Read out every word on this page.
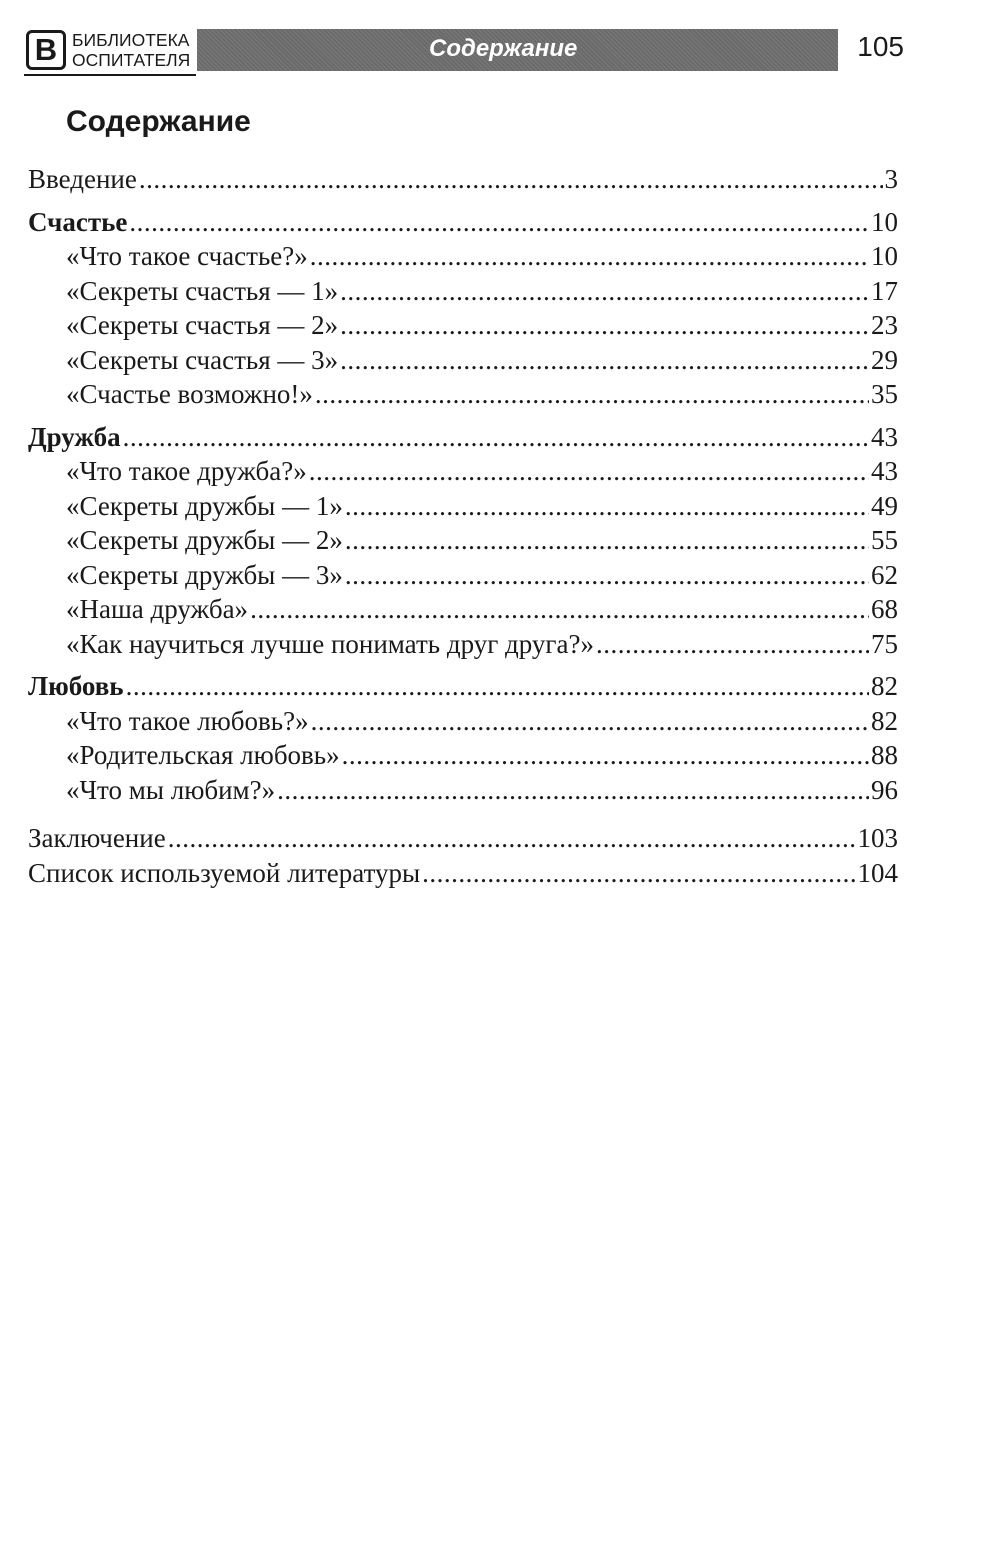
В БИБЛИОТЕКА
ОСПИТАТЕЛЯ	Содержание	105
Содержание
Введение .....	3
Счастье .....	10
«Что такое счастье?» .....	10
«Секреты счастья — 1» .....	17
«Секреты счастья — 2» .....	23
«Секреты счастья — 3» .....	29
«Счастье возможно!» .....	35
Дружба .....	43
«Что такое дружба?» .....	43
«Секреты дружбы — 1» .....	49
«Секреты дружбы — 2» .....	55
«Секреты дружбы — 3» .....	62
«Наша дружба» .....	68
«Как научиться лучше понимать друг друга?» .....	75
Любовь .....	82
«Что такое любовь?» .....	82
«Родительская любовь» .....	88
«Что мы любим?» .....	96
Заключение .....	103
Список используемой литературы .....	104
